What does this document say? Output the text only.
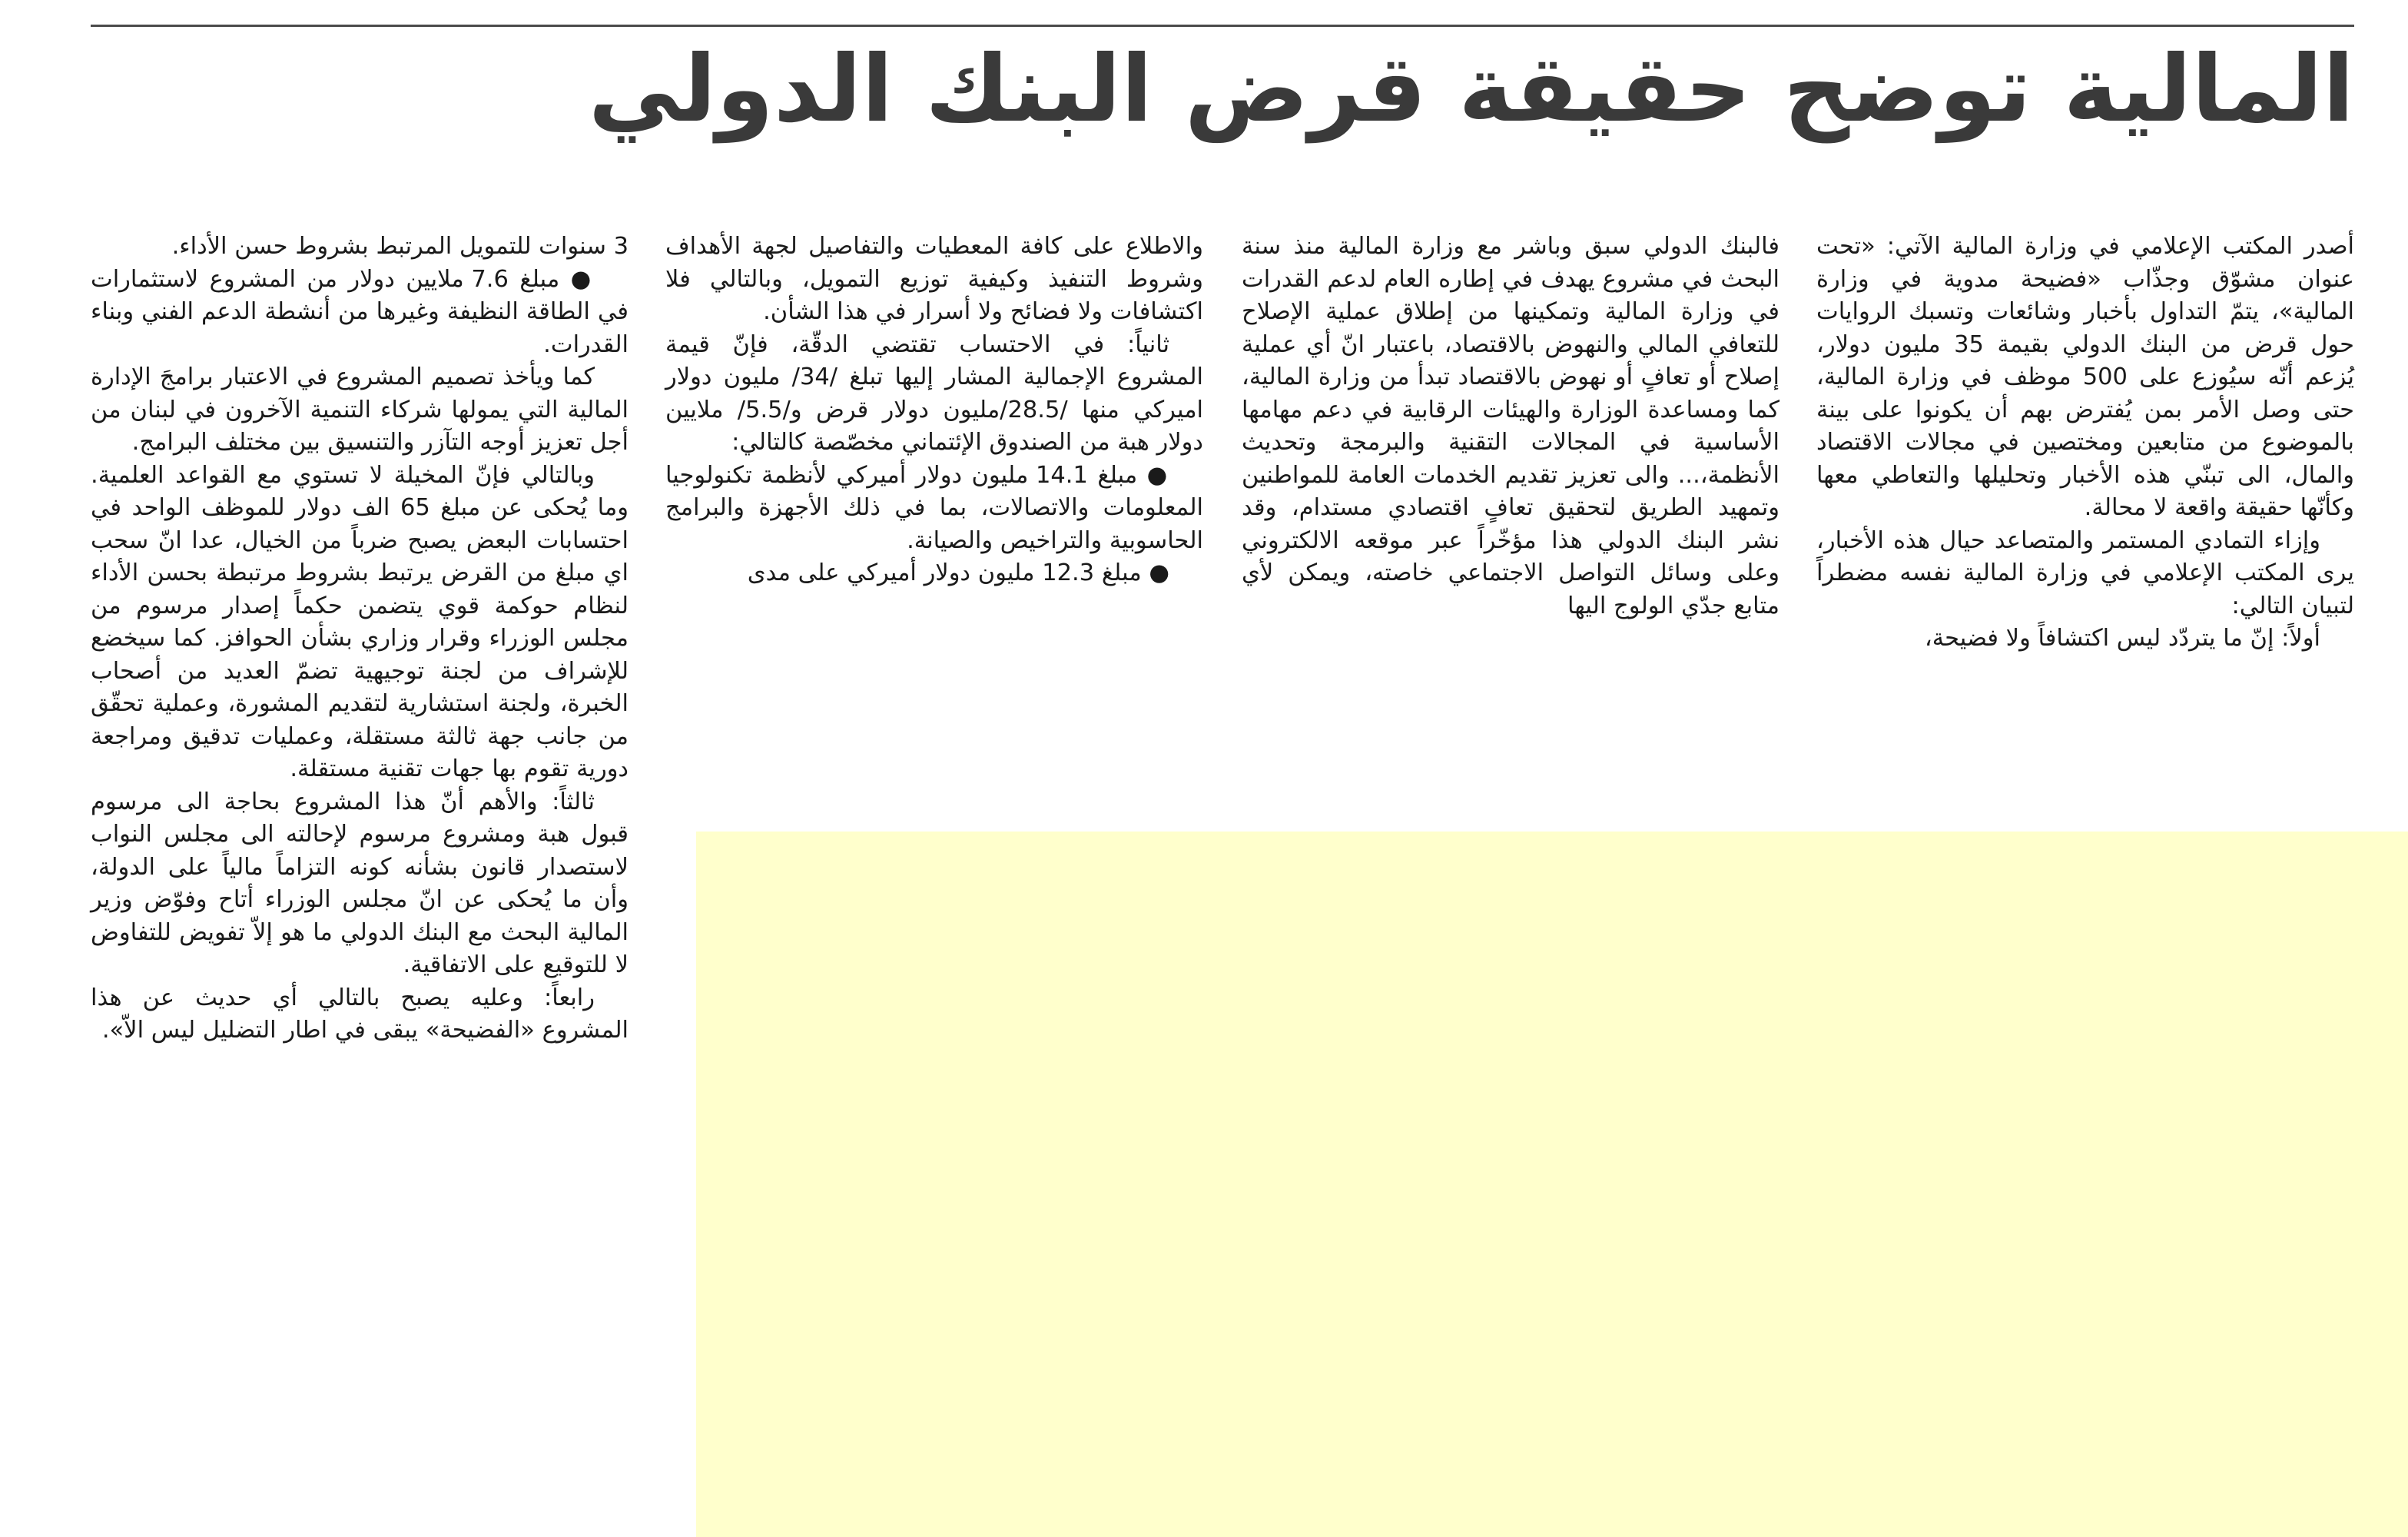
المالية توضح حقيقة قرض البنك الدولي

أصدر المكتب الإعلامي في وزارة المالية الآتي: «تحت عنوان مشوّق وجذّاب «فضيحة مدوية في وزارة المالية»، يتمّ التداول بأخبار وشائعات وتسبك الروايات حول قرض من البنك الدولي بقيمة 35 مليون دولار، يُزعم أنّه سيُوزع على 500 موظف في وزارة المالية، حتى وصل الأمر بمن يُفترض بهم أن يكونوا على بينة بالموضوع من متابعين ومختصين في مجالات الاقتصاد والمال، الى تبنّي هذه الأخبار وتحليلها والتعاطي معها وكأنّها حقيقة واقعة لا محالة.

وإزاء التمادي المستمر والمتصاعد حيال هذه الأخبار، يرى المكتب الإعلامي في وزارة المالية نفسه مضطراً لتبيان التالي:

أولاً: إنّ ما يتردّد ليس اكتشافاً ولا فضيحة،

فالبنك الدولي سبق وباشر مع وزارة المالية منذ سنة البحث في مشروع يهدف في إطاره العام لدعم القدرات في وزارة المالية وتمكينها من إطلاق عملية الإصلاح للتعافي المالي والنهوض بالاقتصاد، باعتبار انّ أي عملية إصلاح أو تعافٍ أو نهوض بالاقتصاد تبدأ من وزارة المالية، كما ومساعدة الوزارة والهيئات الرقابية في دعم مهامها الأساسية في المجالات التقنية والبرمجة وتحديث الأنظمة،... والى تعزيز تقديم الخدمات العامة للمواطنين وتمهيد الطريق لتحقيق تعافٍ اقتصادي مستدام، وقد نشر البنك الدولي هذا مؤخّراً عبر موقعه الالكتروني وعلى وسائل التواصل الاجتماعي خاصته، ويمكن لأي متابع جدّي الولوج اليها

والاطلاع على كافة المعطيات والتفاصيل لجهة الأهداف وشروط التنفيذ وكيفية توزيع التمويل، وبالتالي فلا اكتشافات ولا فضائح ولا أسرار في هذا الشأن.

ثانياً: في الاحتساب تقتضي الدقّة، فإنّ قيمة المشروع الإجمالية المشار إليها تبلغ /34/ مليون دولار اميركي منها /28.5/مليون دولار قرض و/5.5/ ملايين دولار هبة من الصندوق الإئتماني مخصّصة كالتالي:

● مبلغ 14.1 مليون دولار أميركي لأنظمة تكنولوجيا المعلومات والاتصالات، بما في ذلك الأجهزة والبرامج الحاسوبية والتراخيص والصيانة.

● مبلغ 12.3 مليون دولار أميركي على مدى

3 سنوات للتمويل المرتبط بشروط حسن الأداء.

● مبلغ 7.6 ملايين دولار من المشروع لاستثمارات في الطاقة النظيفة وغيرها من أنشطة الدعم الفني وبناء القدرات.

كما ويأخذ تصميم المشروع في الاعتبار برامجَ الإدارة المالية التي يمولها شركاء التنمية الآخرون في لبنان من أجل تعزيز أوجه التآزر والتنسيق بين مختلف البرامج.

وبالتالي فإنّ المخيلة لا تستوي مع القواعد العلمية. وما يُحكى عن مبلغ 65 الف دولار للموظف الواحد في احتسابات البعض يصبح ضرباً من الخيال، عدا انّ سحب اي مبلغ من القرض يرتبط بشروط مرتبطة بحسن الأداء لنظام حوكمة قوي يتضمن حكماً إصدار مرسوم من مجلس الوزراء وقرار وزاري بشأن الحوافز. كما سيخضع للإشراف من لجنة توجيهية تضمّ العديد من أصحاب الخبرة، ولجنة استشارية لتقديم المشورة، وعملية تحقّق من جانب جهة ثالثة مستقلة، وعمليات تدقيق ومراجعة دورية تقوم بها جهات تقنية مستقلة.

ثالثاً: والأهم أنّ هذا المشروع بحاجة الى مرسوم قبول هبة ومشروع مرسوم لإحالته الى مجلس النواب لاستصدار قانون بشأنه كونه التزاماً مالياً على الدولة، وأن ما يُحكى عن انّ مجلس الوزراء أتاح وفوّض وزير المالية البحث مع البنك الدولي ما هو إلاّ تفويض للتفاوض لا للتوقيع على الاتفاقية.

رابعاً: وعليه يصبح بالتالي أي حديث عن هذا المشروع «الفضيحة» يبقى في اطار التضليل ليس الاّ».
